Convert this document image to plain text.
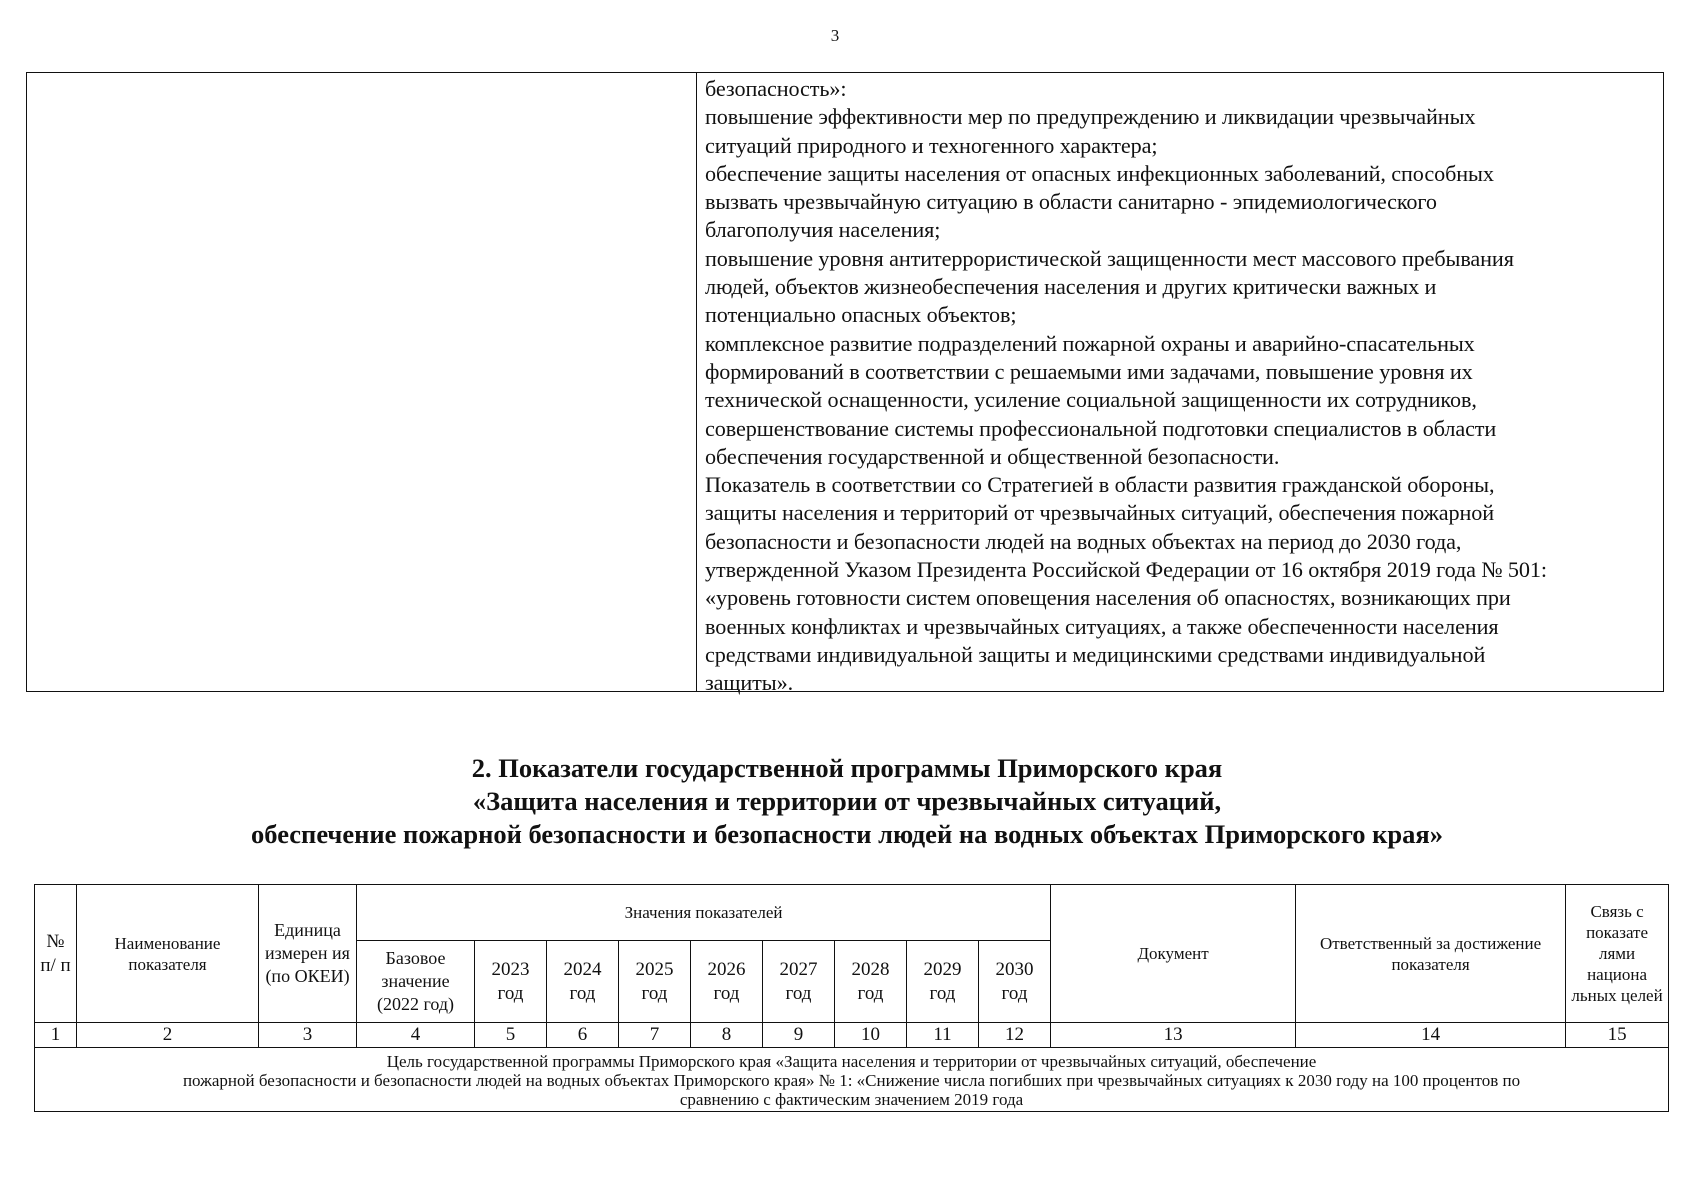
3
безопасность»:
повышение эффективности мер по предупреждению и ликвидации чрезвычайных
ситуаций природного и техногенного характера;
обеспечение защиты населения от опасных инфекционных заболеваний, способных
вызвать чрезвычайную ситуацию в области санитарно - эпидемиологического
благополучия населения;
повышение уровня антитеррористической защищенности мест массового пребывания
людей, объектов жизнеобеспечения населения и других критически важных и
потенциально опасных объектов;
комплексное развитие подразделений пожарной охраны и аварийно-спасательных
формирований в соответствии с решаемыми ими задачами, повышение уровня их
технической оснащенности, усиление социальной защищенности их сотрудников,
совершенствование системы профессиональной подготовки специалистов в области
обеспечения государственной и общественной безопасности.
Показатель в соответствии со Стратегией в области развития гражданской обороны,
защиты населения и территорий от чрезвычайных ситуаций, обеспечения пожарной
безопасности и безопасности людей на водных объектах на период до 2030 года,
утвержденной Указом Президента Российской Федерации от 16 октября 2019 года № 501:
«уровень готовности систем оповещения населения об опасностях, возникающих при
военных конфликтах и чрезвычайных ситуациях, а также обеспеченности населения
средствами индивидуальной защиты и медицинскими средствами индивидуальной
защиты».
2. Показатели государственной программы Приморского края
«Защита населения и территории от чрезвычайных ситуаций,
обеспечение пожарной безопасности и безопасности людей на водных объектах Приморского края»
№ п/ п	Наименование показателя	Единица измерен ия (по ОКЕИ)	Значения показателей									Документ	Ответственный за достижение показателя	Связь с показате лями национа льных целей
			Базовое значение (2022 год)	2023 год	2024 год	2025 год	2026 год	2027 год	2028 год	2029 год	2030 год			
1	2	3	4	5	6	7	8	9	10	11	12	13	14	15

Цель государственной программы Приморского края «Защита населения и территории от чрезвычайных ситуаций, обеспечение
пожарной безопасности и безопасности людей на водных объектах Приморского края» № 1: «Снижение числа погибших при чрезвычайных ситуациях к 2030 году на 100 процентов по
сравнению с фактическим значением 2019 года														
